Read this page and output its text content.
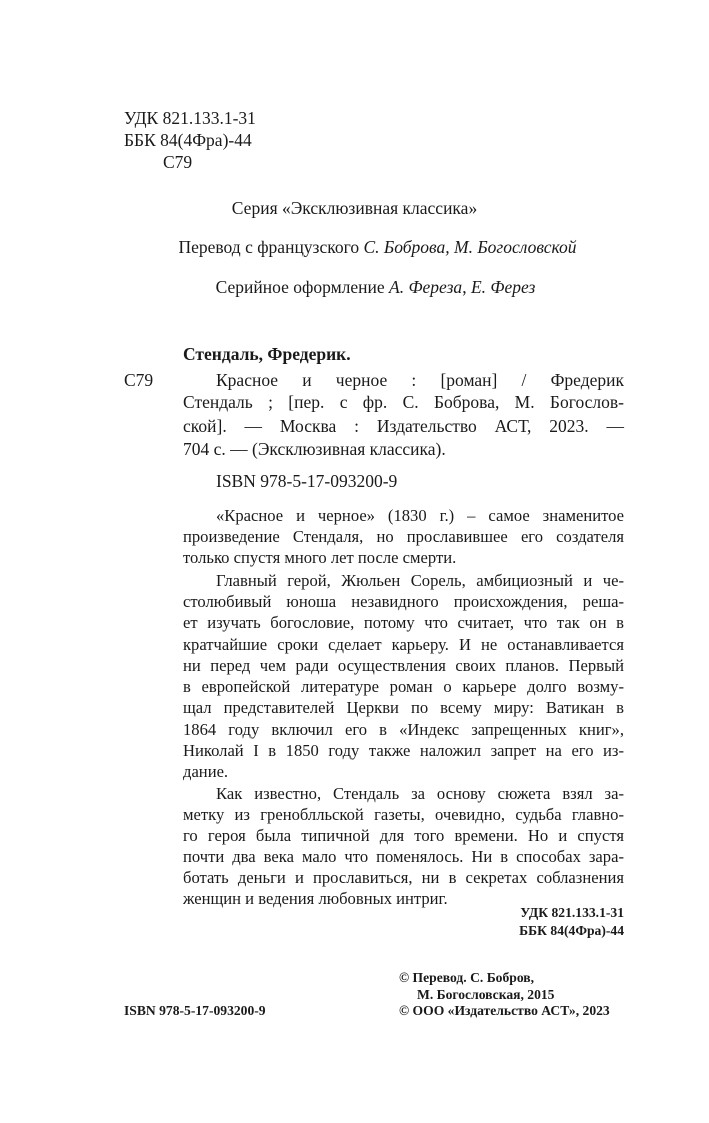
УДК 821.133.1-31
ББК 84(4Фра)-44
С79
Серия «Эксклюзивная классика»
Перевод с французского С. Боброва, М. Богословской
Серийное оформление А. Фереза, Е. Ферез
Стендаль, Фредерик.
С79	Красное и черное : [роман] / Фредерик
Стендаль ; [пер. с фр. С. Боброва, М. Богослов-
ской]. — Москва : Издательство АСТ, 2023. —
704 с. — (Эксклюзивная классика).
ISBN 978-5-17-093200-9
«Красное и черное» (1830 г.) – самое знаменитое
произведение Стендаля, но прославившее его создателя
только спустя много лет после смерти.
Главный герой, Жюльен Сорель, амбициозный и че-
столюбивый юноша незавидного происхождения, реша-
ет изучать богословие, потому что считает, что так он в
кратчайшие сроки сделает карьеру. И не останавливается
ни перед чем ради осуществления своих планов. Первый
в европейской литературе роман о карьере долго возму-
щал представителей Церкви по всему миру: Ватикан в
1864 году включил его в «Индекс запрещенных книг»,
Николай I в 1850 году также наложил запрет на его из-
дание.
Как известно, Стендаль за основу сюжета взял за-
метку из греноблльской газеты, очевидно, судьба главно-
го героя была типичной для того времени. Но и спустя
почти два века мало что поменялось. Ни в способах зара-
ботать деньги и прославиться, ни в секретах соблазнения
женщин и ведения любовных интриг.
УДК 821.133.1-31
ББК 84(4Фра)-44
ISBN 978-5-17-093200-9
© Перевод. С. Бобров,
М. Богословская, 2015
© ООО «Издательство АСТ», 2023
